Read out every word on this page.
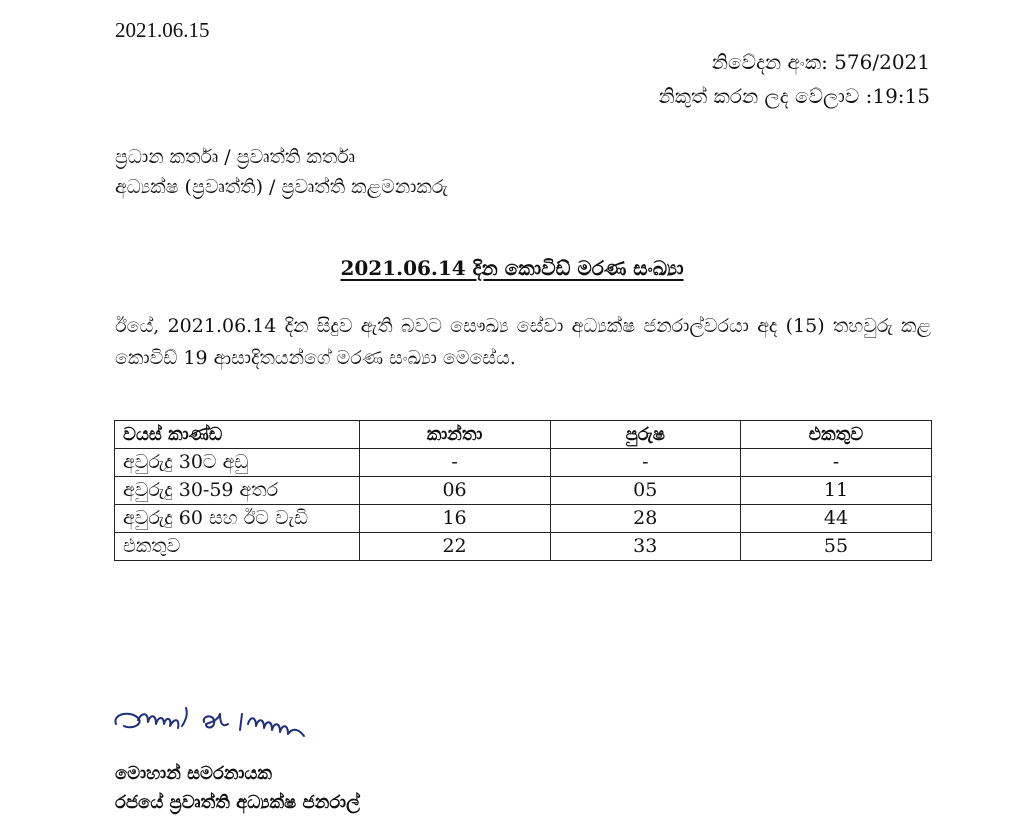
2021.06.15
නිවේදන අංක: 576/2021
නිකුත් කරන ලද වේලාව :19:15
ප්‍රධාන කර්තෘ / ප්‍රවෘත්ති කර්තෘ
අධ්‍යක්ෂ (ප්‍රවෘත්ති) / ප්‍රවෘත්ති කළමනාකරු
2021.06.14 දින කොවිඩ් මරණ සංඛ්‍යා
ඊයේ, 2021.06.14 දින සිදුව ඇති බවට සෞඛ්‍ය සේවා අධ්‍යක්ෂ ජනරාල්වරයා අද (15) තහවුරු කළ කොවිඩ් 19 ආසාදිතයන්ගේ මරණ සංඛ්‍යා මෙසේය.
වයස් කාණ්ඩ	කාන්තා	පුරුෂ	එකතුව
අවුරුදු 30ට අඩු	-	-	-
අවුරුදු 30-59 අතර	06	05	11
අවුරුදු 60 සහ ඊට වැඩි	16	28	44
එකතුව	22	33	55
මොහාන් සමරනායක
රජයේ ප්‍රවෘත්ති අධ්‍යක්ෂ ජනරාල්
